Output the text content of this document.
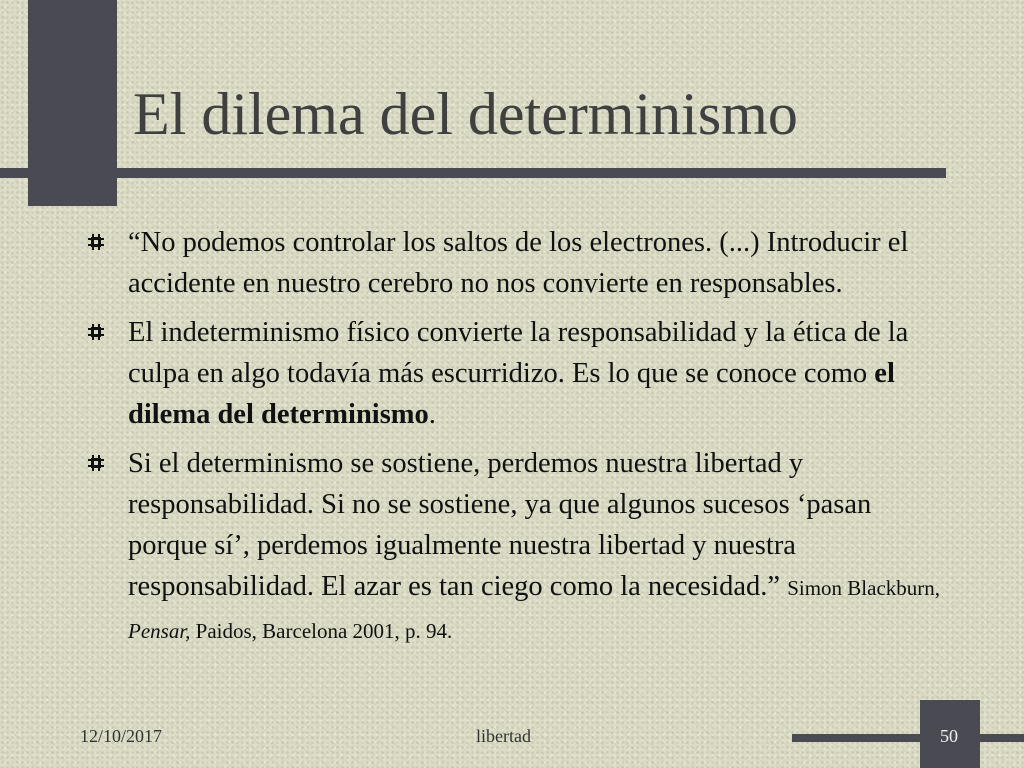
El dilema del determinismo
“No podemos controlar los saltos de los electrones. (...) Introducir el accidente en nuestro cerebro no nos convierte en responsables.
El indeterminismo físico convierte la responsabilidad y la ética de la culpa en algo todavía más escurridizo. Es lo que se conoce como el dilema del determinismo.
Si el determinismo se sostiene, perdemos nuestra libertad y responsabilidad. Si no se sostiene, ya que algunos sucesos ‘pasan porque sí’, perdemos igualmente nuestra libertad y nuestra responsabilidad. El azar es tan ciego como la necesidad.” Simon Blackburn, Pensar, Paidos, Barcelona 2001, p. 94.
12/10/2017	libertad	50
